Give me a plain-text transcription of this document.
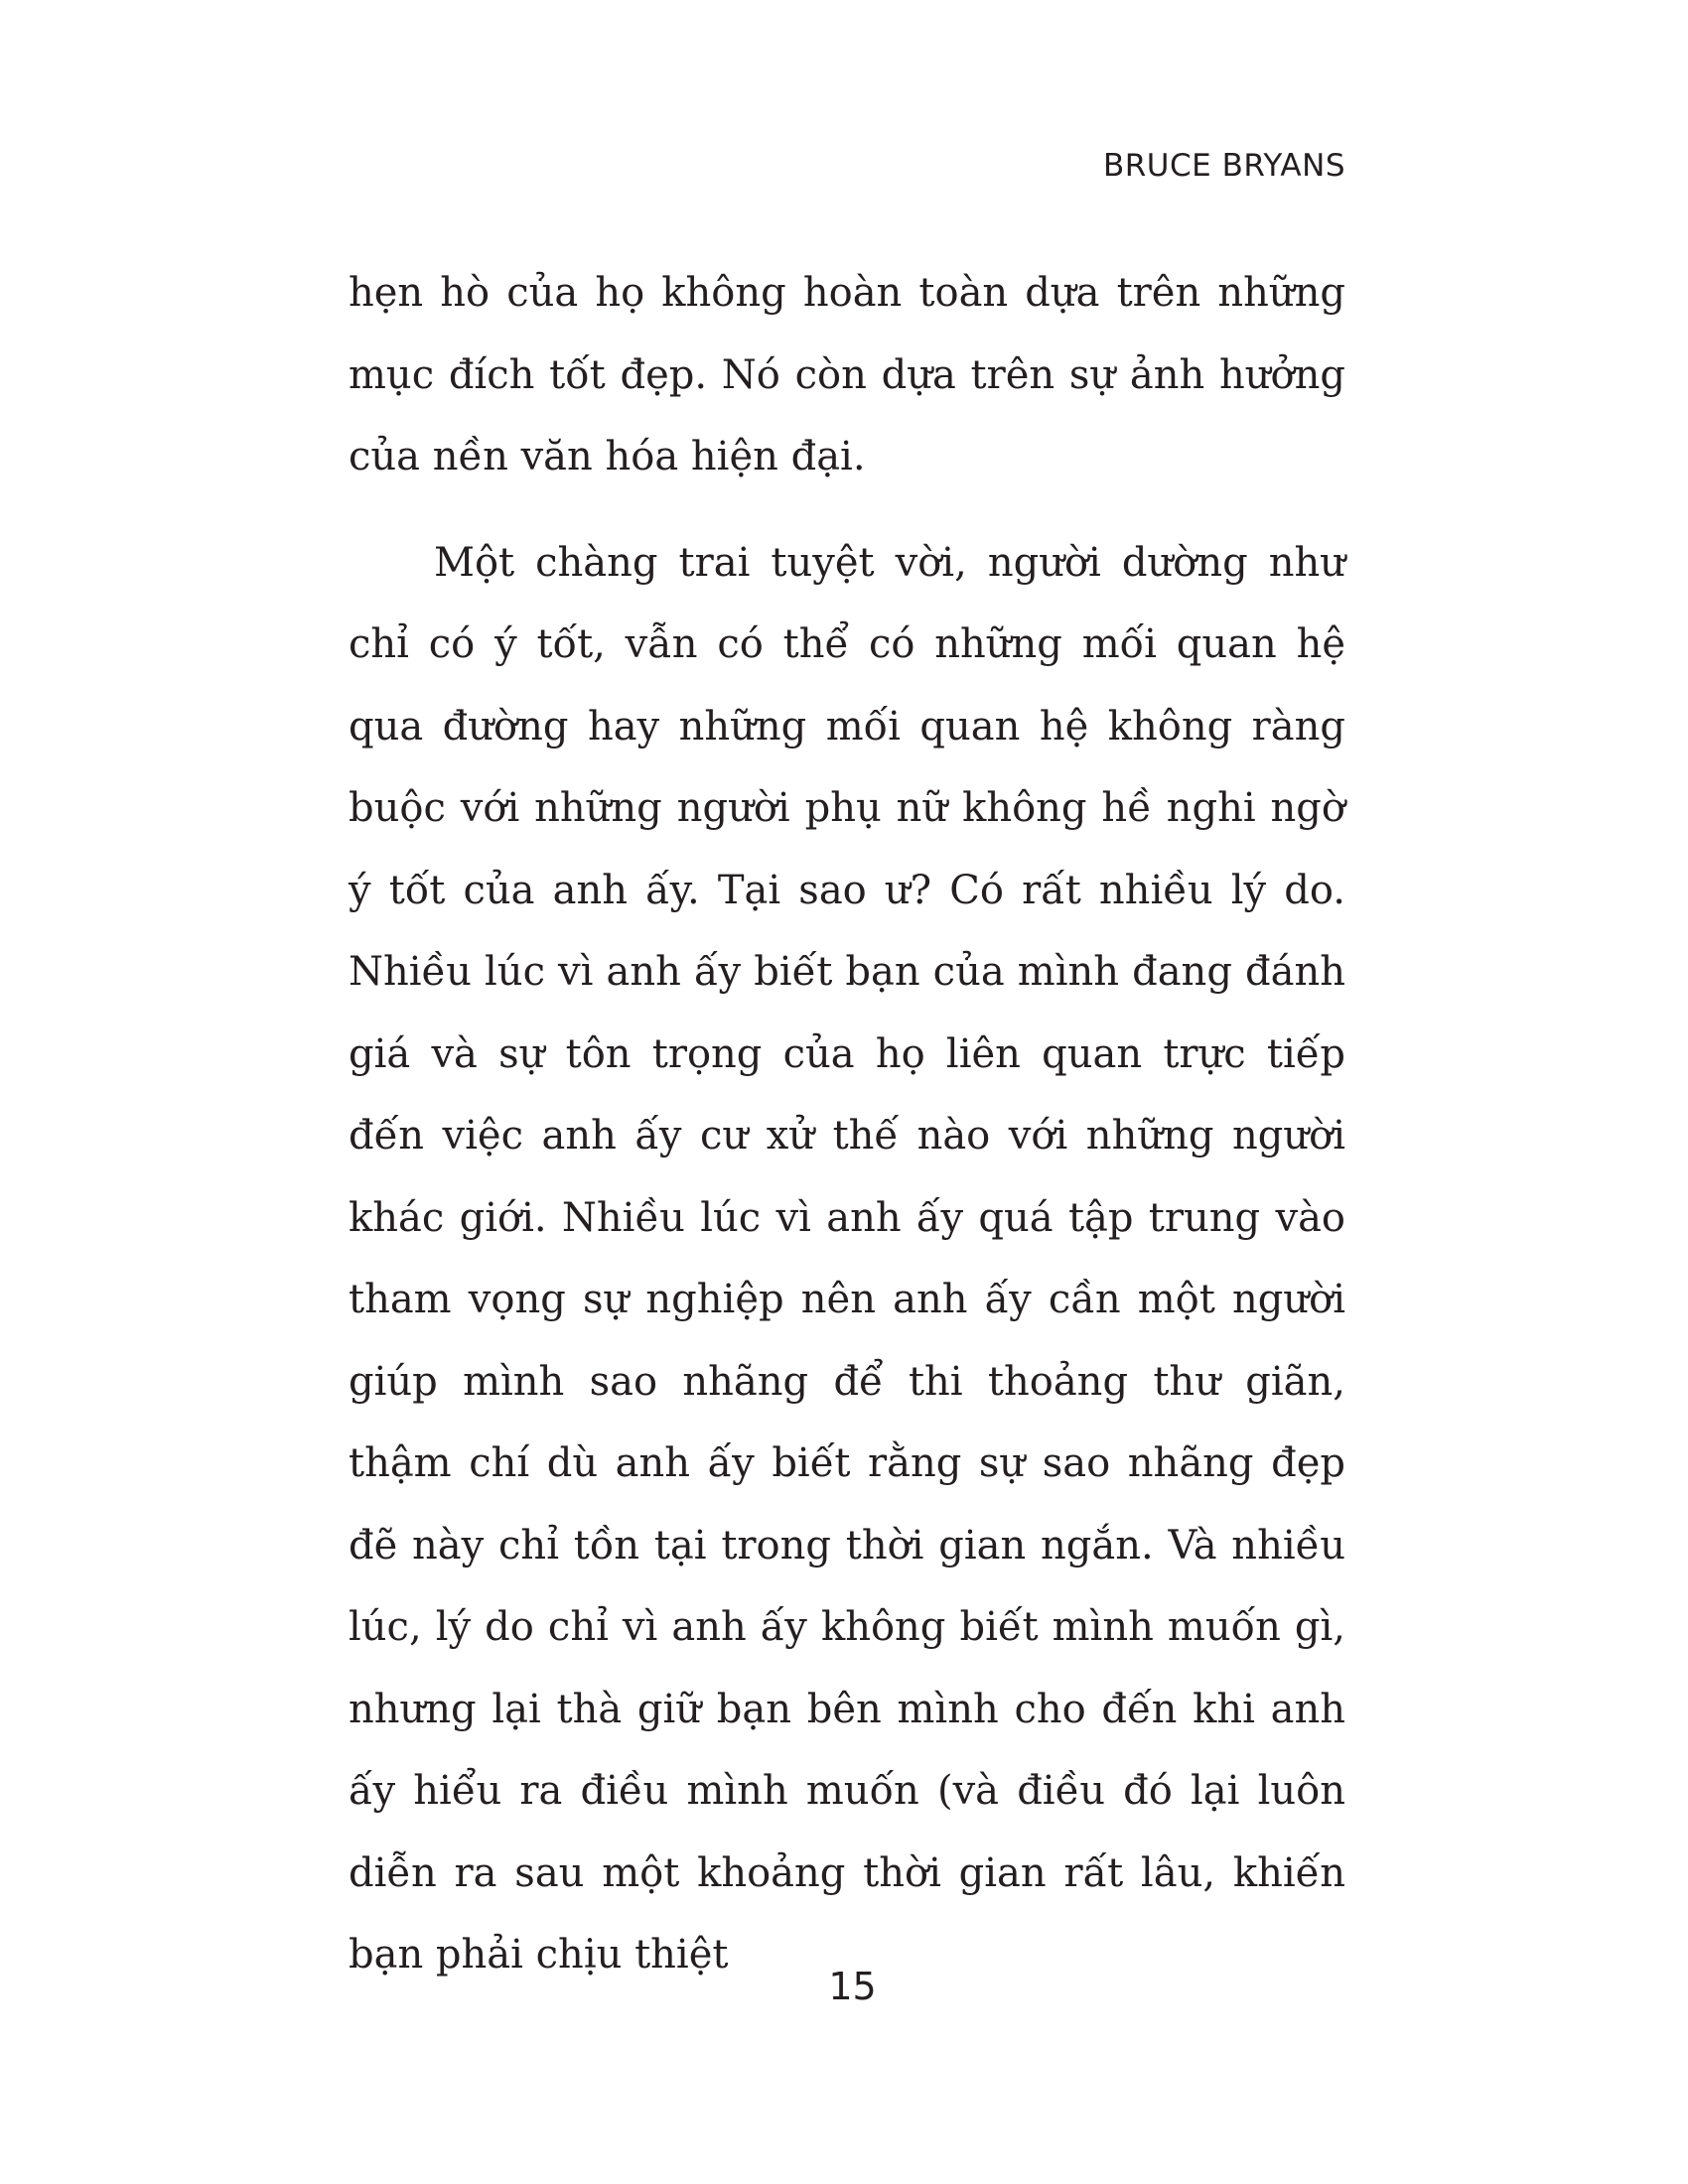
BRUCE BRYANS

hẹn hò của họ không hoàn toàn dựa trên những mục đích tốt đẹp. Nó còn dựa trên sự ảnh hưởng của nền văn hóa hiện đại.

Một chàng trai tuyệt vời, người dường như chỉ có ý tốt, vẫn có thể có những mối quan hệ qua đường hay những mối quan hệ không ràng buộc với những người phụ nữ không hề nghi ngờ ý tốt của anh ấy. Tại sao ư? Có rất nhiều lý do. Nhiều lúc vì anh ấy biết bạn của mình đang đánh giá và sự tôn trọng của họ liên quan trực tiếp đến việc anh ấy cư xử thế nào với những người khác giới. Nhiều lúc vì anh ấy quá tập trung vào tham vọng sự nghiệp nên anh ấy cần một người giúp mình sao nhãng để thi thoảng thư giãn, thậm chí dù anh ấy biết rằng sự sao nhãng đẹp đẽ này chỉ tồn tại trong thời gian ngắn. Và nhiều lúc, lý do chỉ vì anh ấy không biết mình muốn gì, nhưng lại thà giữ bạn bên mình cho đến khi anh ấy hiểu ra điều mình muốn (và điều đó lại luôn diễn ra sau một khoảng thời gian rất lâu, khiến bạn phải chịu thiệt

15
